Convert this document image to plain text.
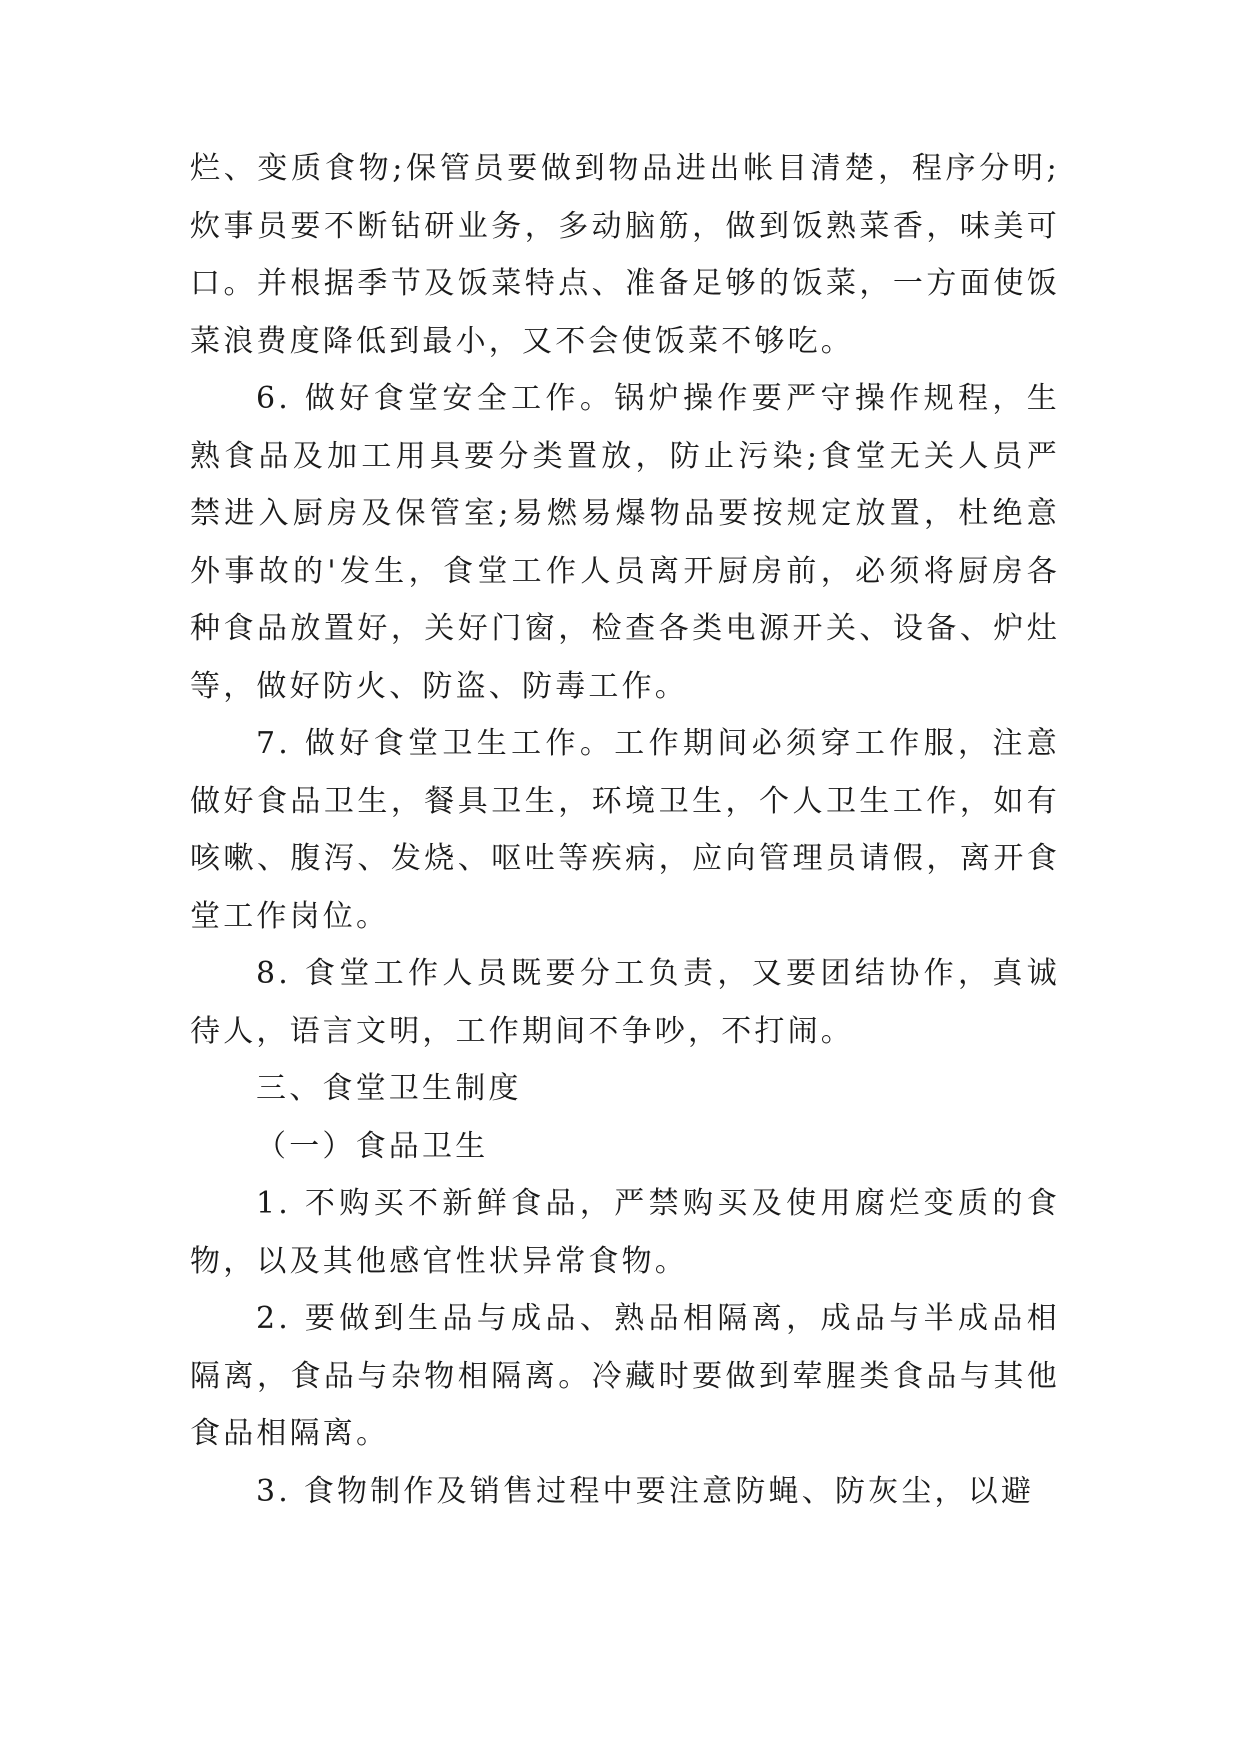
烂、变质食物;保管员要做到物品进出帐目清楚，程序分明;炊事员要不断钻研业务，多动脑筋，做到饭熟菜香，味美可口。并根据季节及饭菜特点、准备足够的饭菜，一方面使饭菜浪费度降低到最小，又不会使饭菜不够吃。

6. 做好食堂安全工作。锅炉操作要严守操作规程，生熟食品及加工用具要分类置放，防止污染;食堂无关人员严禁进入厨房及保管室;易燃易爆物品要按规定放置，杜绝意外事故的'发生，食堂工作人员离开厨房前，必须将厨房各种食品放置好，关好门窗，检查各类电源开关、设备、炉灶等，做好防火、防盗、防毒工作。

7. 做好食堂卫生工作。工作期间必须穿工作服，注意做好食品卫生，餐具卫生，环境卫生，个人卫生工作，如有咳嗽、腹泻、发烧、呕吐等疾病，应向管理员请假，离开食堂工作岗位。

8. 食堂工作人员既要分工负责，又要团结协作，真诚待人，语言文明，工作期间不争吵，不打闹。

三、食堂卫生制度

（一）食品卫生

1. 不购买不新鲜食品，严禁购买及使用腐烂变质的食物，以及其他感官性状异常食物。

2. 要做到生品与成品、熟品相隔离，成品与半成品相隔离，食品与杂物相隔离。冷藏时要做到荤腥类食品与其他食品相隔离。

3. 食物制作及销售过程中要注意防蝇、防灰尘，以避
